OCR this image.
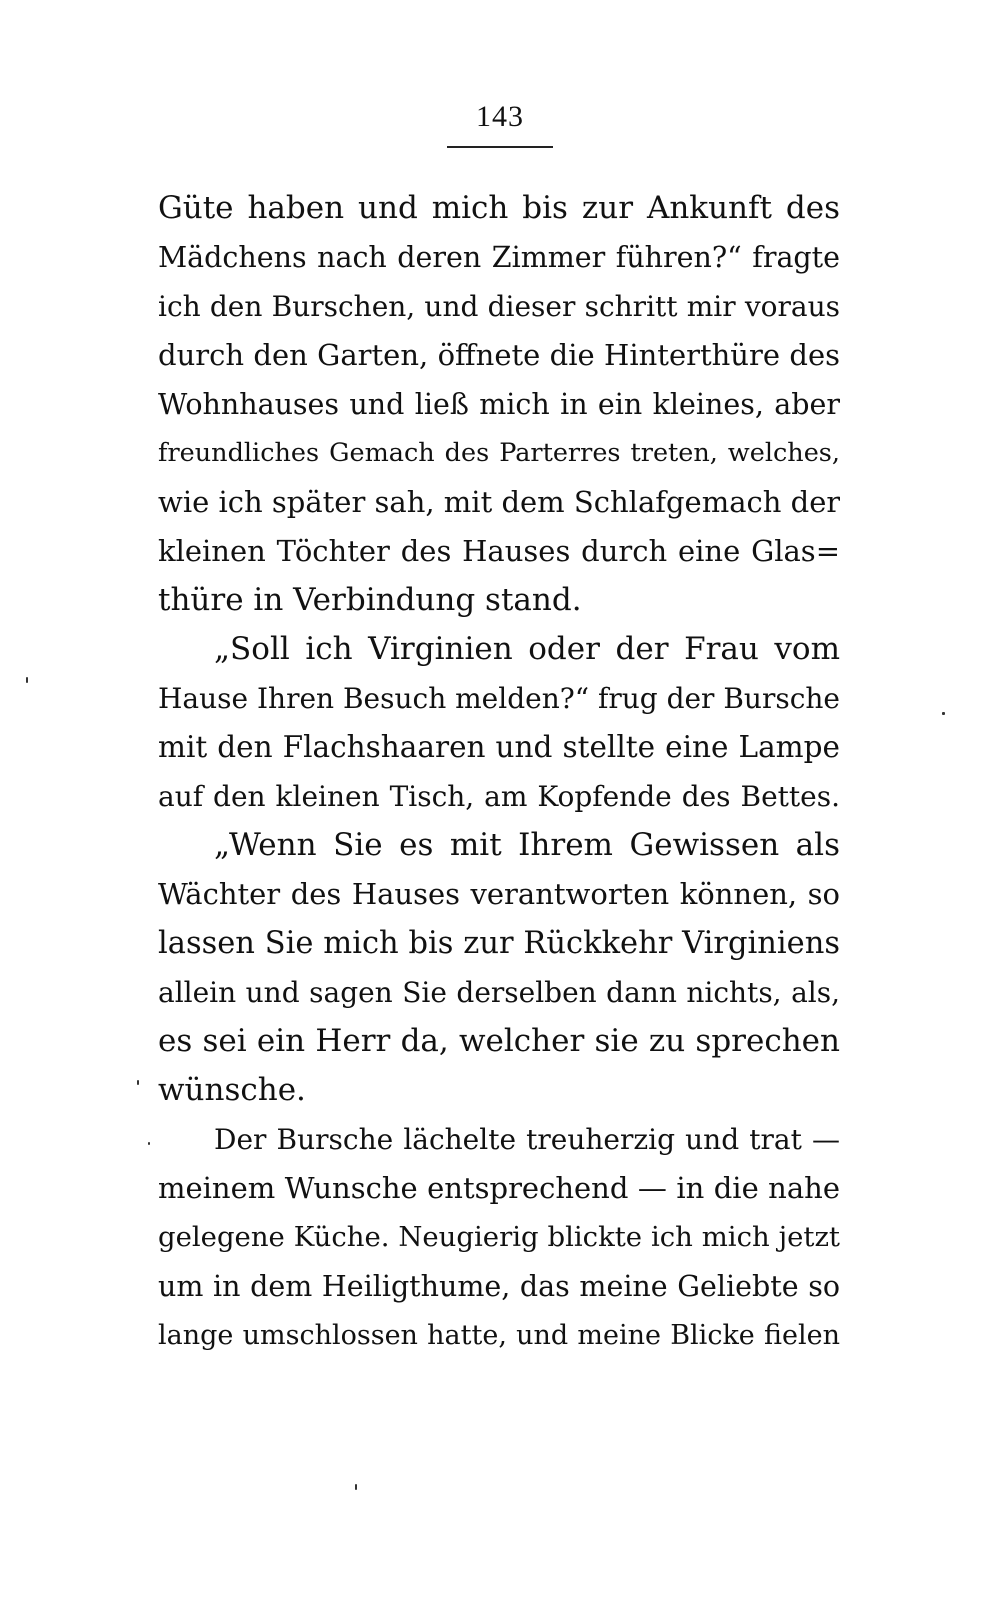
143
Güte haben und mich bis zur Ankunft des
Mädchens nach deren Zimmer führen?“ fragte
ich den Burschen, und dieser schritt mir voraus
durch den Garten, öffnete die Hinterthüre des
Wohnhauses und ließ mich in ein kleines, aber
freundliches Gemach des Parterres treten, welches,
wie ich später sah, mit dem Schlafgemach der
kleinen Töchter des Hauses durch eine Glas=
thüre in Verbindung stand.
„Soll ich Virginien oder der Frau vom
Hause Ihren Besuch melden?“ frug der Bursche
mit den Flachshaaren und stellte eine Lampe
auf den kleinen Tisch, am Kopfende des Bettes.
„Wenn Sie es mit Ihrem Gewissen als
Wächter des Hauses verantworten können, so
lassen Sie mich bis zur Rückkehr Virginiens
allein und sagen Sie derselben dann nichts, als,
es sei ein Herr da, welcher sie zu sprechen
wünsche.
Der Bursche lächelte treuherzig und trat —
meinem Wunsche entsprechend — in die nahe
gelegene Küche. Neugierig blickte ich mich jetzt
um in dem Heiligthume, das meine Geliebte so
lange umschlossen hatte, und meine Blicke fielen
